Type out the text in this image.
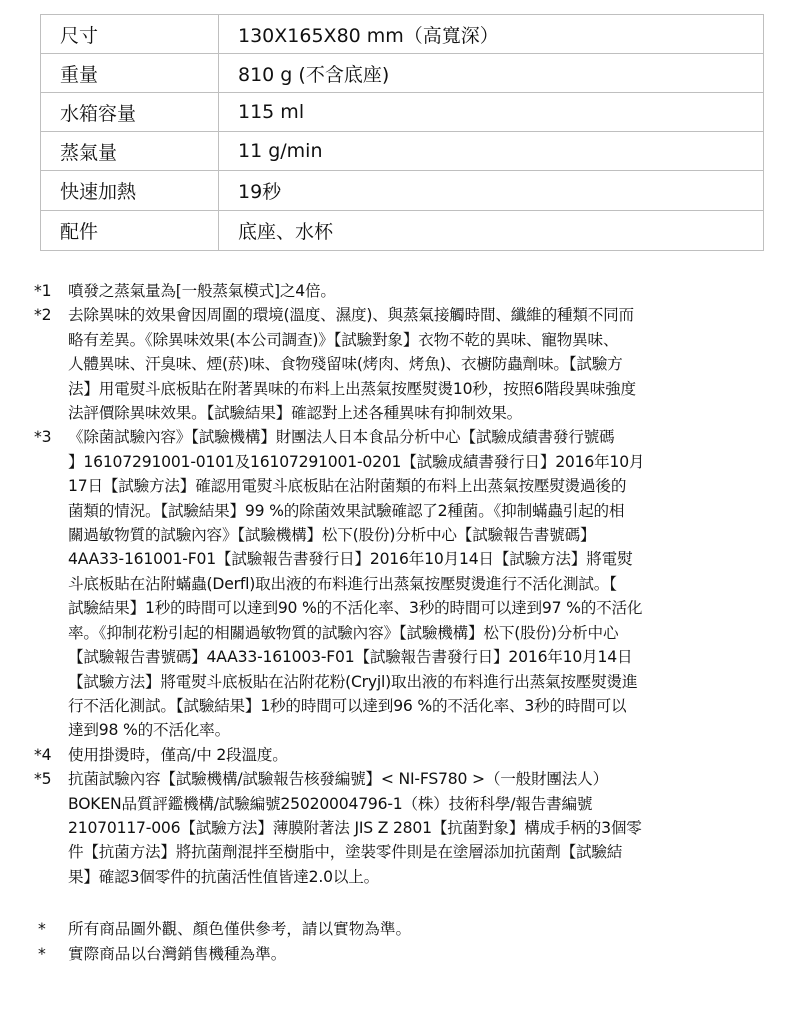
尺寸	130X165X80 mm（高寬深）
重量	810 g (不含底座)
水箱容量	115 ml
蒸氣量	11 g/min
快速加熱	19秒
配件	底座、水杯
*1	噴發之蒸氣量為[一般蒸氣模式]之4倍。
*2	去除異味的效果會因周圍的環境(溫度、濕度)、與蒸氣接觸時間、纖維的種類不同而
略有差異。《除異味效果(本公司調查)》【試驗對象】衣物不乾的異味、寵物異味、
人體異味、汗臭味、煙(菸)味、食物殘留味(烤肉、烤魚)、衣櫥防蟲劑味。【試驗方
法】用電熨斗底板貼在附著異味的布料上出蒸氣按壓熨燙10秒，按照6階段異味強度
法評價除異味效果。【試驗結果】確認對上述各種異味有抑制效果。
*3	《除菌試驗內容》【試驗機構】財團法人日本食品分析中心【試驗成績書發行號碼
】16107291001-0101及16107291001-0201【試驗成績書發行日】2016年10月
17日【試驗方法】確認用電熨斗底板貼在沾附菌類的布料上出蒸氣按壓熨燙過後的
菌類的情況。【試驗結果】99 %的除菌效果試驗確認了2種菌。《抑制蟎蟲引起的相
關過敏物質的試驗內容》【試驗機構】松下(股份)分析中心【試驗報告書號碼】
4AA33-161001-F01【試驗報告書發行日】2016年10月14日【試驗方法】將電熨
斗底板貼在沾附蟎蟲(Derfl)取出液的布料進行出蒸氣按壓熨燙進行不活化測試。【
試驗結果】1秒的時間可以達到90 %的不活化率、3秒的時間可以達到97 %的不活化
率。《抑制花粉引起的相關過敏物質的試驗內容》【試驗機構】松下(股份)分析中心
【試驗報告書號碼】4AA33-161003-F01【試驗報告書發行日】2016年10月14日
【試驗方法】將電熨斗底板貼在沾附花粉(Cryjl)取出液的布料進行出蒸氣按壓熨燙進
行不活化測試。【試驗結果】1秒的時間可以達到96 %的不活化率、3秒的時間可以
達到98 %的不活化率。
*4	使用掛燙時，僅高/中 2段溫度。
*5	抗菌試驗內容【試驗機構/試驗報告核發編號】< NI-FS780 >（一般財團法人）
BOKEN品質評鑑機構/試驗編號25020004796-1（株）技術科學/報告書編號
21070117-006【試驗方法】薄膜附著法 JIS Z 2801【抗菌對象】構成手柄的3個零
件【抗菌方法】將抗菌劑混拌至樹脂中，塗裝零件則是在塗層添加抗菌劑【試驗結
果】確認3個零件的抗菌活性值皆達2.0以上。
*	所有商品圖外觀、顏色僅供參考，請以實物為準。
*	實際商品以台灣銷售機種為準。
